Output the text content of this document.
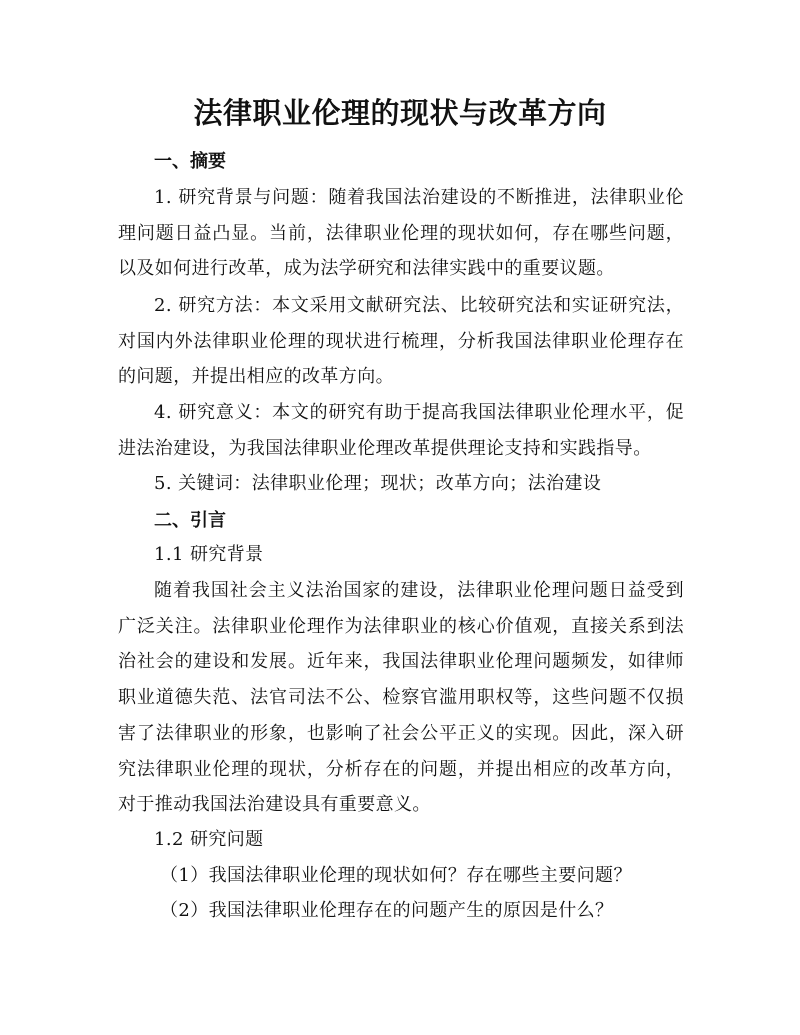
法律职业伦理的现状与改革方向
一、摘要

1. 研究背景与问题：随着我国法治建设的不断推进，法律职业伦理问题日益凸显。当前，法律职业伦理的现状如何，存在哪些问题，以及如何进行改革，成为法学研究和法律实践中的重要议题。

2. 研究方法：本文采用文献研究法、比较研究法和实证研究法，对国内外法律职业伦理的现状进行梳理，分析我国法律职业伦理存在的问题，并提出相应的改革方向。

4. 研究意义：本文的研究有助于提高我国法律职业伦理水平，促进法治建设，为我国法律职业伦理改革提供理论支持和实践指导。

5. 关键词：法律职业伦理；现状；改革方向；法治建设

二、引言

1.1 研究背景

随着我国社会主义法治国家的建设，法律职业伦理问题日益受到广泛关注。法律职业伦理作为法律职业的核心价值观，直接关系到法治社会的建设和发展。近年来，我国法律职业伦理问题频发，如律师职业道德失范、法官司法不公、检察官滥用职权等，这些问题不仅损害了法律职业的形象，也影响了社会公平正义的实现。因此，深入研究法律职业伦理的现状，分析存在的问题，并提出相应的改革方向，对于推动我国法治建设具有重要意义。

1.2 研究问题

（1）我国法律职业伦理的现状如何？存在哪些主要问题？

（2）我国法律职业伦理存在的问题产生的原因是什么？
